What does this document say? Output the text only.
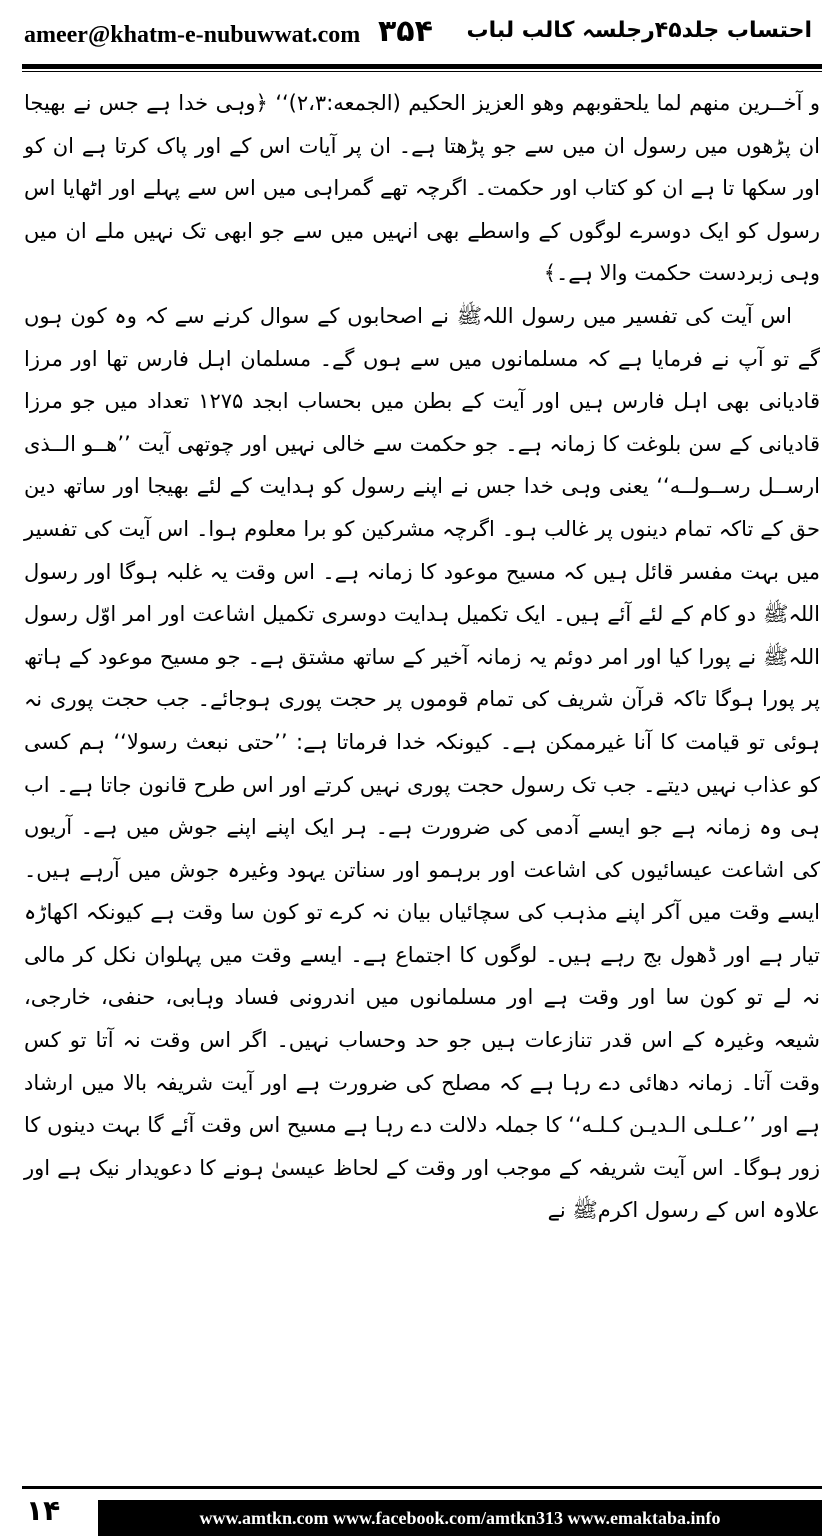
ameer@khatm-e-nubuwwat.com ۳۵۴ احتساب جلد۴۵رجلسہ کالب لباب

و آخــرین منهم لما یلحقوبهم وهو العزیز الحکیم (الجمعه:۲،۳)‘‘ ﴿وہی خدا ہے جس نے بھیجا ان پڑھوں میں رسول ان میں سے جو پڑھتا ہے۔ ان پر آیات اس کے اور پاک کرتا ہے ان کو اور سکھا تا ہے ان کو کتاب اور حکمت۔ اگرچہ تھے گمراہی میں اس سے پہلے اور اٹھایا اس رسول کو ایک دوسرے لوگوں کے واسطے بھی انہیں میں سے جو ابھی تک نہیں ملے ان میں وہی زبردست حکمت والا ہے۔﴾

اس آیت کی تفسیر میں رسول اللہﷺ نے اصحابوں کے سوال کرنے سے کہ وہ کون ہوں گے تو آپ نے فرمایا ہے کہ مسلمانوں میں سے ہوں گے۔ مسلمان اہل فارس تھا اور مرزا قادیانی بھی اہل فارس ہیں اور آیت کے بطن میں بحساب ابجد ۱۲۷۵ تعداد میں جو مرزا قادیانی کے سن بلوغت کا زمانہ ہے۔ جو حکمت سے خالی نہیں اور چوتھی آیت ’’ھــو الــذی ارســل رســولــه‘‘ یعنی وہی خدا جس نے اپنے رسول کو ہدایت کے لئے بھیجا اور ساتھ دین حق کے تاکہ تمام دینوں پر غالب ہو۔ اگرچہ مشرکین کو برا معلوم ہوا۔ اس آیت کی تفسیر میں بہت مفسر قائل ہیں کہ مسیح موعود کا زمانہ ہے۔ اس وقت یہ غلبہ ہوگا اور رسول اللہﷺ دو کام کے لئے آئے ہیں۔ ایک تکمیل ہدایت دوسری تکمیل اشاعت اور امر اوّل رسول اللہﷺ نے پورا کیا اور امر دوئم یہ زمانہ آخیر کے ساتھ مشتق ہے۔ جو مسیح موعود کے ہاتھ پر پورا ہوگا تاکہ قرآن شریف کی تمام قوموں پر حجت پوری ہوجائے۔ جب حجت پوری نہ ہوئی تو قیامت کا آنا غیرممکن ہے۔ کیونکہ خدا فرماتا ہے: ’’حتی نبعث رسولا‘‘ ہم کسی کو عذاب نہیں دیتے۔ جب تک رسول حجت پوری نہیں کرتے اور اس طرح قانون جاتا ہے۔ اب ہی وہ زمانہ ہے جو ایسے آدمی کی ضرورت ہے۔ ہر ایک اپنے اپنے جوش میں ہے۔ آریوں کی اشاعت عیسائیوں کی اشاعت اور برہمو اور سناتن یہود وغیرہ جوش میں آرہے ہیں۔ ایسے وقت میں آکر اپنے مذہب کی سچائیاں بیان نہ کرے تو کون سا وقت ہے کیونکہ اکھاڑہ تیار ہے اور ڈھول بج رہے ہیں۔ لوگوں کا اجتماع ہے۔ ایسے وقت میں پہلوان نکل کر مالی نہ لے تو کون سا اور وقت ہے اور مسلمانوں میں اندرونی فساد وہابی، حنفی، خارجی، شیعہ وغیرہ کے اس قدر تنازعات ہیں جو حد وحساب نہیں۔ اگر اس وقت نہ آتا تو کس وقت آتا۔ زمانہ دھائی دے رہا ہے کہ مصلح کی ضرورت ہے اور آیت شریفہ بالا میں ارشاد ہے اور ’’عـلـی الـدیـن کـلـه‘‘ کا جملہ دلالت دے رہا ہے مسیح اس وقت آئے گا بہت دینوں کا زور ہوگا۔ اس آیت شریفہ کے موجب اور وقت کے لحاظ عیسیٰ ہونے کا دعویدار نیک ہے اور علاوہ اس کے رسول اکرمﷺ نے

۱۴	www.amtkn.com www.facebook.com/amtkn313 www.emaktaba.info
